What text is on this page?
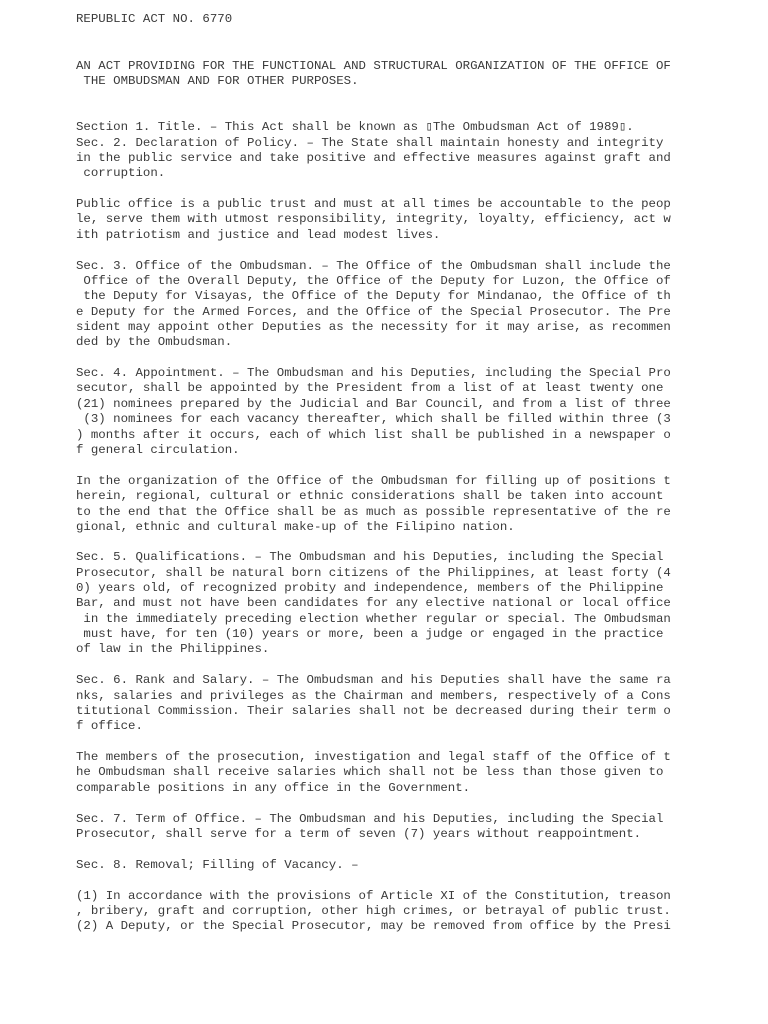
REPUBLIC ACT NO. 6770

AN ACT PROVIDING FOR THE FUNCTIONAL AND STRUCTURAL ORGANIZATION OF THE OFFICE OF

THE OMBUDSMAN AND FOR OTHER PURPOSES.

Section 1. Title. – This Act shall be known as ▯The Ombudsman Act of 1989▯.

Sec. 2. Declaration of Policy. – The State shall maintain honesty and integrity

in the public service and take positive and effective measures against graft and

corruption.

Public office is a public trust and must at all times be accountable to the peop

le, serve them with utmost responsibility, integrity, loyalty, efficiency, act w

ith patriotism and justice and lead modest lives.

Sec. 3. Office of the Ombudsman. – The Office of the Ombudsman shall include the

Office of the Overall Deputy, the Office of the Deputy for Luzon, the Office of

the Deputy for Visayas, the Office of the Deputy for Mindanao, the Office of th

e Deputy for the Armed Forces, and the Office of the Special Prosecutor. The Pre

sident may appoint other Deputies as the necessity for it may arise, as recommen

ded by the Ombudsman.

Sec. 4. Appointment. – The Ombudsman and his Deputies, including the Special Pro

secutor, shall be appointed by the President from a list of at least twenty one

(21) nominees prepared by the Judicial and Bar Council, and from a list of three

(3) nominees for each vacancy thereafter, which shall be filled within three (3

) months after it occurs, each of which list shall be published in a newspaper o

f general circulation.

In the organization of the Office of the Ombudsman for filling up of positions t

herein, regional, cultural or ethnic considerations shall be taken into account

to the end that the Office shall be as much as possible representative of the re

gional, ethnic and cultural make-up of the Filipino nation.

Sec. 5. Qualifications. – The Ombudsman and his Deputies, including the Special

Prosecutor, shall be natural born citizens of the Philippines, at least forty (4

0) years old, of recognized probity and independence, members of the Philippine

Bar, and must not have been candidates for any elective national or local office

in the immediately preceding election whether regular or special. The Ombudsman

must have, for ten (10) years or more, been a judge or engaged in the practice

of law in the Philippines.

Sec. 6. Rank and Salary. – The Ombudsman and his Deputies shall have the same ra

nks, salaries and privileges as the Chairman and members, respectively of a Cons

titutional Commission. Their salaries shall not be decreased during their term o

f office.

The members of the prosecution, investigation and legal staff of the Office of t

he Ombudsman shall receive salaries which shall not be less than those given to

comparable positions in any office in the Government.

Sec. 7. Term of Office. – The Ombudsman and his Deputies, including the Special

Prosecutor, shall serve for a term of seven (7) years without reappointment.

Sec. 8. Removal; Filling of Vacancy. –

(1) In accordance with the provisions of Article XI of the Constitution, treason

, bribery, graft and corruption, other high crimes, or betrayal of public trust.

(2) A Deputy, or the Special Prosecutor, may be removed from office by the Presi
